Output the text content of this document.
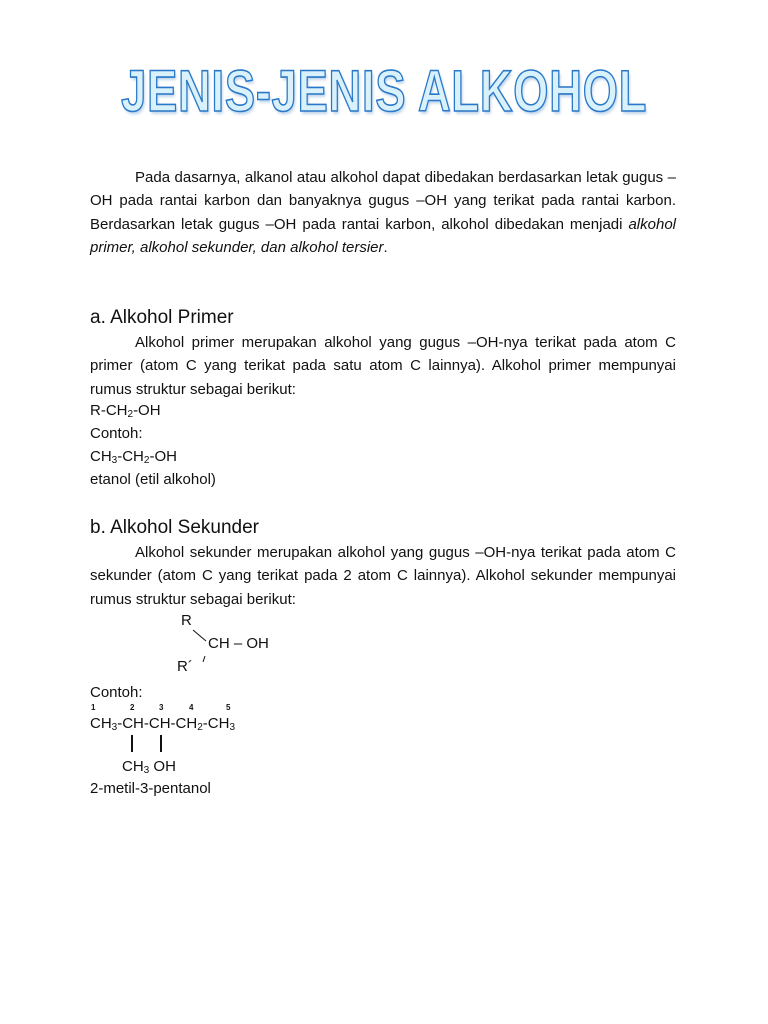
JENIS-JENIS ALKOHOL
Pada dasarnya, alkanol atau alkohol dapat dibedakan berdasarkan letak gugus –OH pada rantai karbon dan banyaknya gugus –OH yang terikat pada rantai karbon. Berdasarkan letak gugus –OH pada rantai karbon, alkohol dibedakan menjadi alkohol primer, alkohol sekunder, dan alkohol tersier.
a. Alkohol Primer
Alkohol primer merupakan alkohol yang gugus –OH-nya terikat pada atom C primer (atom C yang terikat pada satu atom C lainnya). Alkohol primer mempunyai rumus struktur sebagai berikut:
$R-CH_2-OH$
Contoh:
$CH_3-CH_2-OH$
etanol (etil alkohol)
b. Alkohol Sekunder
Alkohol sekunder merupakan alkohol yang gugus –OH-nya terikat pada atom C sekunder (atom C yang terikat pada 2 atom C lainnya). Alkohol sekunder mempunyai rumus struktur sebagai berikut:
R
CH – OH
R´
Contoh:
1	2	3	4	5
$CH_3-CH-CH-CH_2-CH_3$
$CH_3$ OH
2-metil-3-pentanol
